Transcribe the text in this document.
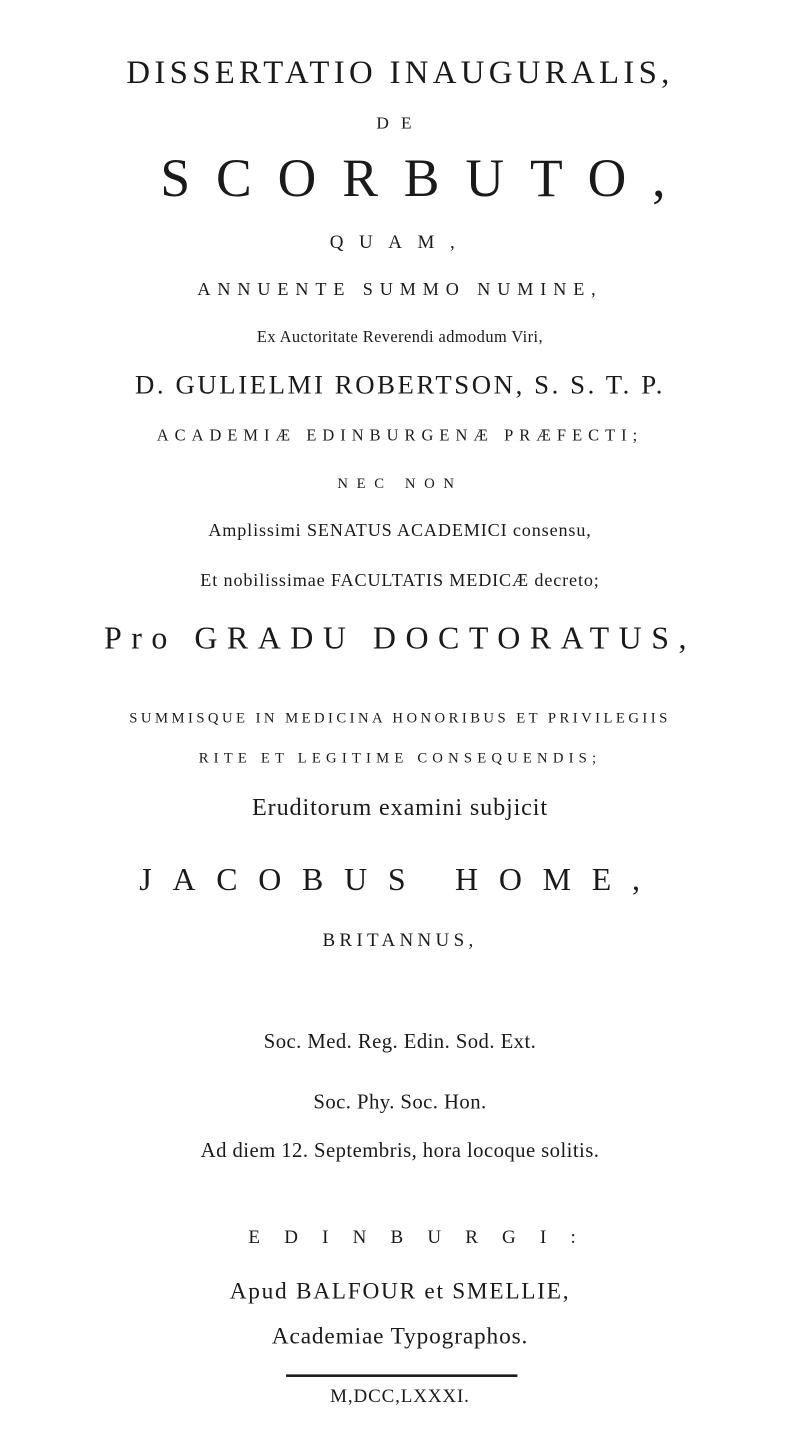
DISSERTATIO INAUGURALIS,
DE
SCORBUTO,
QUAM,
ANNUENTE SUMMO NUMINE,
Ex Auctoritate Reverendi admodum Viri,
D. GULIELMI ROBERTSON, S. S. T. P.
ACADEMIÆ EDINBURGENÆ PRÆFECTI;
NEC NON
Amplissimi SENATUS ACADEMICI consensu,
Et nobilissimae FACULTATIS MEDICÆ decreto;
Pro GRADU DOCTORATUS,
SUMMISQUE IN MEDICINA HONORIBUS ET PRIVILEGIIS
RITE ET LEGITIME CONSEQUENDIS;
Eruditorum examini subjicit
JACOBUS HOME,
BRITANNUS,
Soc. Med. Reg. Edin. Sod. Ext.
Soc. Phy. Soc. Hon.
Ad diem 12. Septembris, hora locoque solitis.
EDINBURGI:
Apud BALFOUR et SMELLIE,
Academiae Typographos.
M,DCC,LXXXI.
